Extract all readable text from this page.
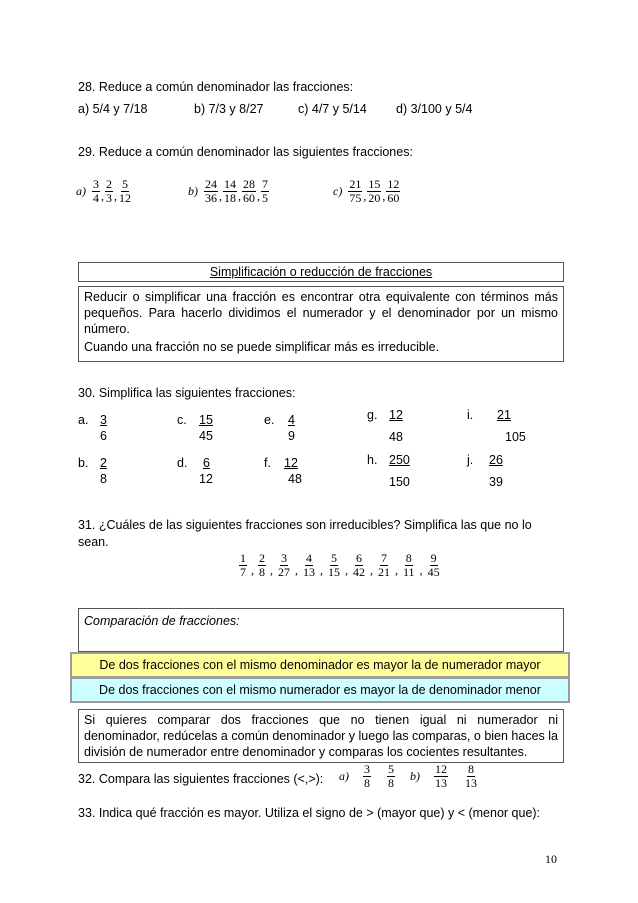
28. Reduce a común denominador las fracciones:
a) 5/4 y 7/18	b) 7/3 y 8/27	c) 4/7 y 5/14 d) 3/100 y 5/4
29. Reduce a común denominador las siguientes fracciones:
$a) \frac{3}{4}$ , $\frac{2}{3}$ , $\frac{5}{12}$	$b) \frac{24}{36}$ , $\frac{14}{18}$ , $\frac{28}{60}$ , $\frac{7}{5}$	$c) \frac{21}{75}$ , $\frac{15}{20}$ , $\frac{12}{60}$
Simplificación o reducción de fracciones
Reducir o simplificar una fracción es encontrar otra equivalente con términos más pequeños. Para hacerlo dividimos el numerador y el denominador por un mismo número.
Cuando una fracción no se puede simplificar más es irreducible.
30. Simplifica las siguientes fracciones:
a. 3
6
b. 2
8
c. 15
45
d. 6
12
e. 4
9
f. 12
48
g. 12
48
h. 250
150
i. 21
105
j. 26
39
31. ¿Cuáles de las siguientes fracciones son irreducibles? Simplifica las que no lo
sean.
$\frac{1}{7}$ , $\frac{2}{8}$ , $\frac{3}{27}$ , $\frac{4}{13}$ , $\frac{5}{15}$ , $\frac{6}{42}$ , $\frac{7}{21}$ , $\frac{8}{11}$ , $\frac{9}{45}$
Comparación de fracciones:
De dos fracciones con el mismo denominador es mayor la de numerador mayor
De dos fracciones con el mismo numerador es mayor la de denominador menor
Si quieres comparar dos fracciones que no tienen igual ni numerador ni denominador, redúcelas a común denominador y luego las comparas, o bien haces la división de numerador entre denominador y comparas los cocientes resultantes.
32. Compara las siguientes fracciones (<,>): $a) \frac{3}{8} \frac{5}{8} b) \frac{12}{13} \frac{8}{13}$
33. Indica qué fracción es mayor. Utiliza el signo de > (mayor que) y < (menor que):
10
